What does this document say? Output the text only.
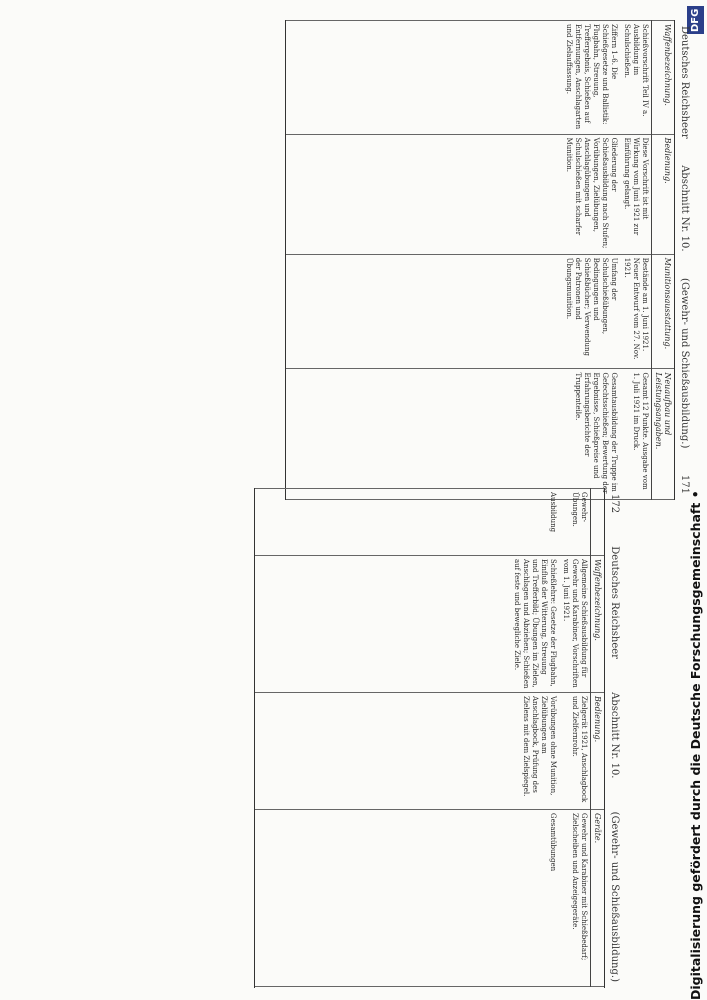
DFG
Digitalisierung gefördert durch die Deutsche Forschungsgemeinschaft •
Deutsches Reichsheer
Abschnitt Nr. 10.
(Gewehr- und Schießausbildung.)
171
Waffenbezeichnung.	Bedienung.	Munitionsausstattung.	Neuaufbau und Leistungsangaben.
Schießvorschrift Teil IV a. Ausbildung im Schulschießen.	Diese Vorschrift ist mit Wirkung vom Juni 1921 zur Einführung gelangt.	Bestände am 1. Juni 1921. Neuer Entwurf vom 27. Nov. 1921.	Gesamt 12 Punkte. Ausgabe vom 1. Juli 1921 im Druck.
Ziffern 1–6. Die Schießgesetze und Ballistik: Flugbahn, Streuung, Treffergebnis, Schießen auf Entfernungen, Anschlagarten und Zielauffassung.	Gliederung der Schießausbildung nach Stufen; Vorübungen, Zielübungen, Anschlagübungen und Schulschießen mit scharfer Munition.	Umfang der Schulschießübungen, Bedingungen und Schießbücher; Verwendung der Patronen und Übungsmunition.	Gesamtausbildung der Truppe im Gefechtsschießen; Bewertung der Ergebnisse, Schießpreise und Erfahrungsberichte der Truppenteile.
172
Deutsches Reichsheer
Abschnitt Nr. 10.
(Gewehr- und Schießausbildung.)
	Waffenbezeichnung.	Bedienung.	Geräte.
Gewehr- Übungen.	Allgemeine Schießausbildung für Gewehr und Karabiner, Vorschriften vom 1. Juni 1921.	Zielgerät 1921, Anschlagbock und Zielfernrohr.	Gewehr und Karabiner mit Schießbedarf; Zielscheiben und Anzeigegeräte.
Ausbildung	Schießlehre: Gesetze der Flugbahn, Einfluß der Witterung, Streuung und Trefferbild; Übungen im Zielen, Anschlagen und Abziehen; Schießen auf feste und bewegliche Ziele.	Vorübungen ohne Munition, Zielübungen am Anschlagbock, Prüfung des Zielens mit dem Zielspiegel.	Gesamtübungen
